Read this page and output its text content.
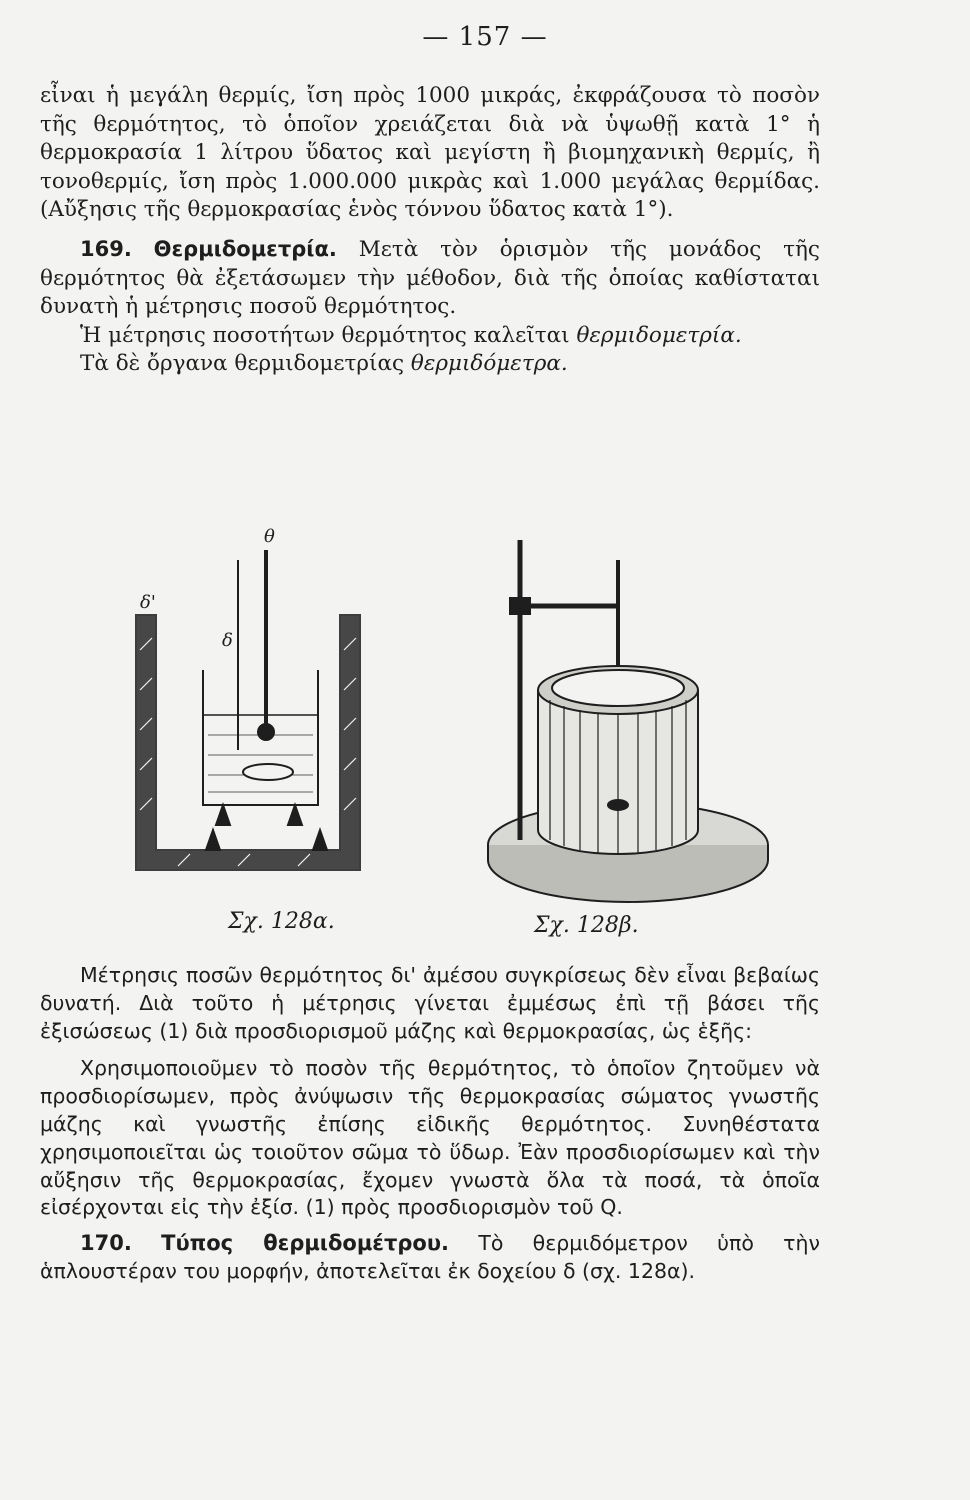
— 157 —

εἶναι ἡ μεγάλη θερμίς, ἴση πρὸς 1000 μικράς, ἐκφράζουσα τὸ ποσὸν τῆς θερμότητος, τὸ ὁποῖον χρειάζεται διὰ νὰ ὑψωθῇ κατὰ 1° ἡ θερμοκρασία 1 λίτρου ὕδατος καὶ μεγίστη ἢ βιομηχανικὴ θερμίς, ἢ τονοθερμίς, ἴση πρὸς 1.000.000 μικρὰς καὶ 1.000 μεγάλας θερμίδας. (Αὔξησις τῆς θερμοκρασίας ἑνὸς τόννου ὕδατος κατὰ 1°).

169. Θερμιδομετρία. Μετὰ τὸν ὁρισμὸν τῆς μονάδος τῆς θερμότητος θὰ ἐξετάσωμεν τὴν μέθοδον, διὰ τῆς ὁποίας καθίσταται δυνατὴ ἡ μέτρησις ποσοῦ θερμότητος.

Ἡ μέτρησις ποσοτήτων θερμότητος καλεῖται θερμιδομετρία.

Τὰ δὲ ὄργανα θερμιδομετρίας θερμιδόμετρα.

θ
δ'
δ
Σχ. 128α.	Σχ. 128β.

Μέτρησις ποσῶν θερμότητος δι' ἀμέσου συγκρίσεως δὲν εἶναι βεβαίως δυνατή. Διὰ τοῦτο ἡ μέτρησις γίνεται ἐμμέσως ἐπὶ τῇ βάσει τῆς ἐξισώσεως (1) διὰ προσδιορισμοῦ μάζης καὶ θερμοκρασίας, ὡς ἑξῆς:

Χρησιμοποιοῦμεν τὸ ποσὸν τῆς θερμότητος, τὸ ὁποῖον ζητοῦμεν νὰ προσδιορίσωμεν, πρὸς ἀνύψωσιν τῆς θερμοκρασίας σώματος γνωστῆς μάζης καὶ γνωστῆς ἐπίσης εἰδικῆς θερμότητος. Συνηθέστατα χρησιμοποιεῖται ὡς τοιοῦτον σῶμα τὸ ὕδωρ. Ἐὰν προσδιορίσωμεν καὶ τὴν αὔξησιν τῆς θερμοκρασίας, ἔχομεν γνωστὰ ὅλα τὰ ποσά, τὰ ὁποῖα εἰσέρχονται εἰς τὴν ἐξίσ. (1) πρὸς προσδιορισμὸν τοῦ Q.

170. Τύπος θερμιδομέτρου. Τὸ θερμιδόμετρον ὑπὸ τὴν ἁπλουστέραν του μορφήν, ἀποτελεῖται ἐκ δοχείου δ (σχ. 128α).
